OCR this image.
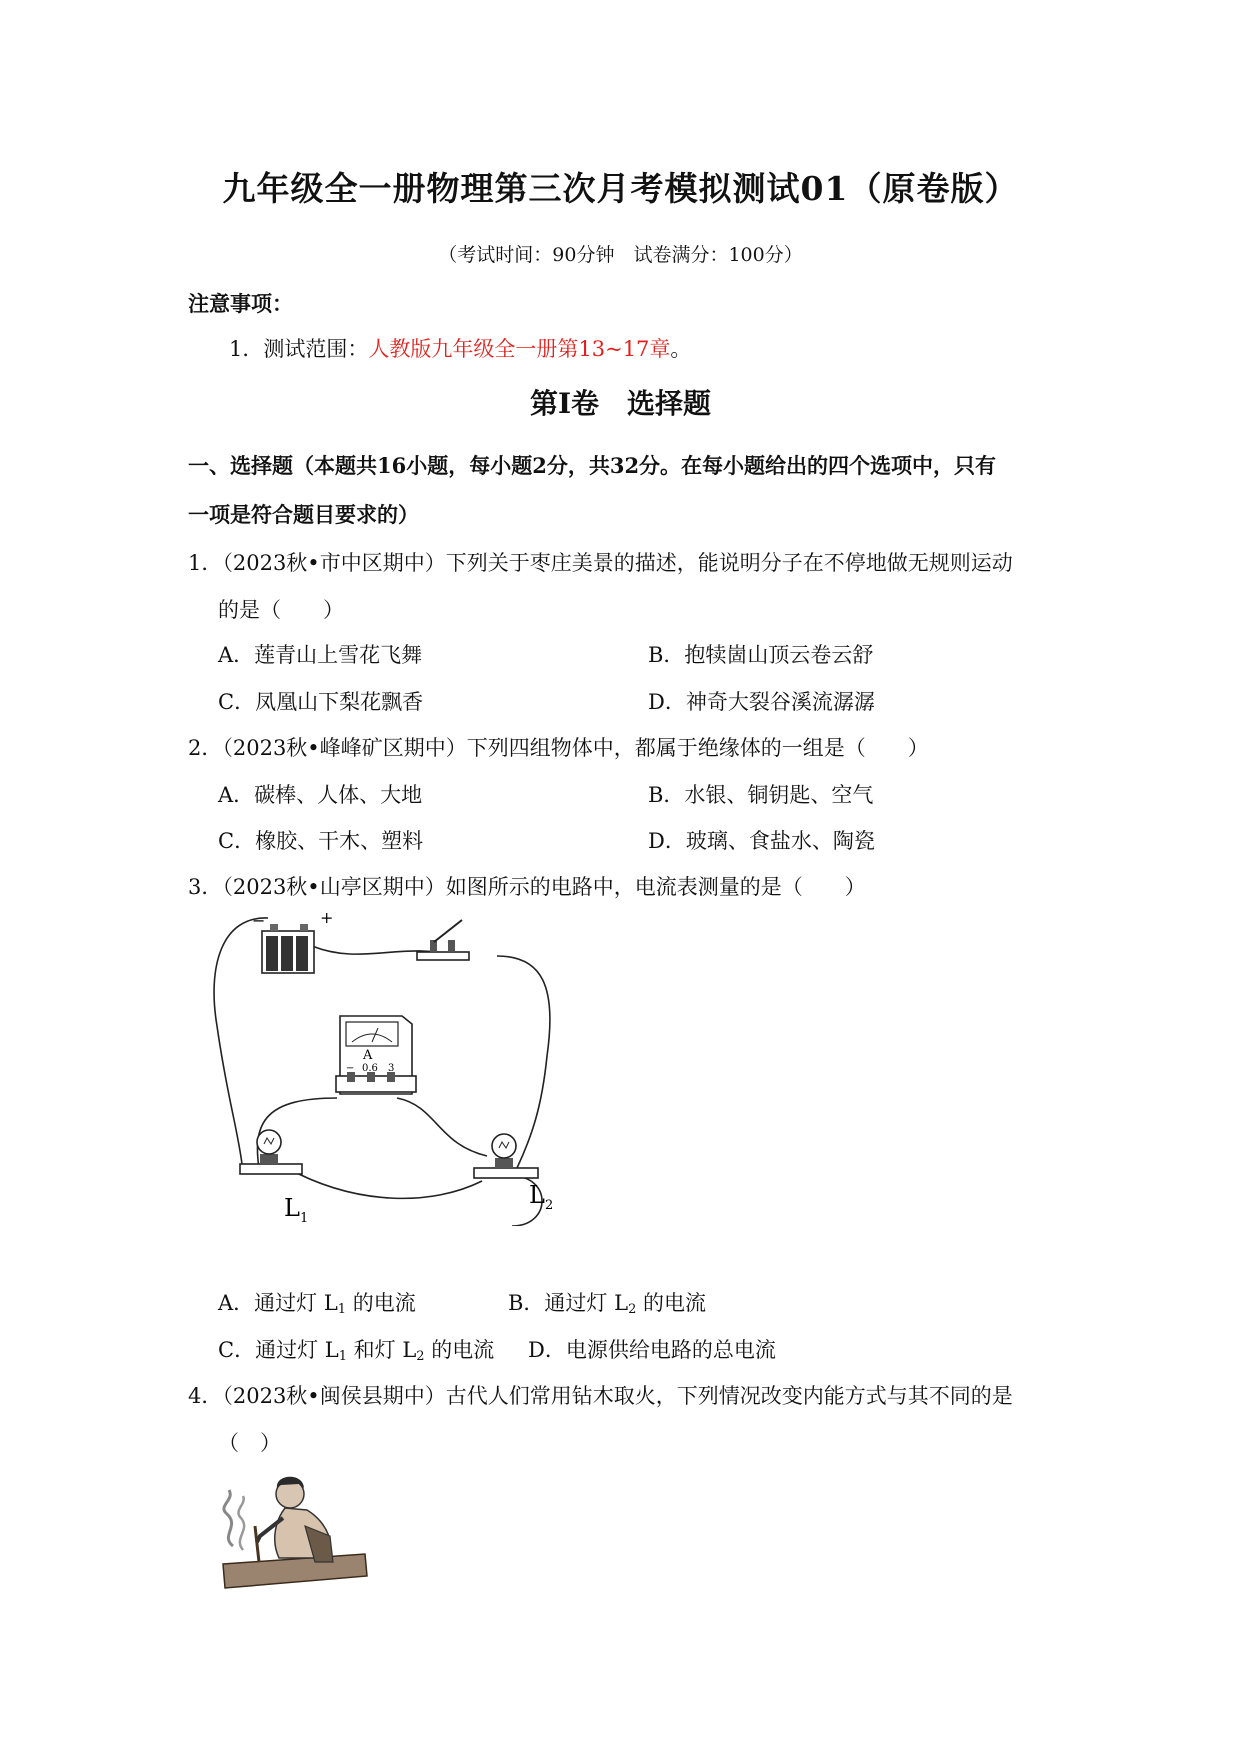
九年级全一册物理第三次月考模拟测试01（原卷版）
（考试时间：90分钟　试卷满分：100分）
注意事项：
1．测试范围：人教版九年级全一册第13~17章。
第Ⅰ卷　选择题
一、选择题（本题共16小题，每小题2分，共32分。在每小题给出的四个选项中，只有
一项是符合题目要求的）
1．（2023秋•市中区期中）下列关于枣庄美景的描述，能说明分子在不停地做无规则运动
的是（　　）
A．莲青山上雪花飞舞	B．抱犊崮山顶云卷云舒
C．凤凰山下梨花飘香	D．神奇大裂谷溪流潺潺
2．（2023秋•峰峰矿区期中）下列四组物体中，都属于绝缘体的一组是（　　）
A．碳棒、人体、大地	B．水银、铜钥匙、空气
C．橡胶、干木、塑料	D．玻璃、食盐水、陶瓷
3．（2023秋•山亭区期中）如图所示的电路中，电流表测量的是（　　）
−	+
A
− 0.6 3
$L_1$
$L_2$
A．通过灯 $L_1$ 的电流	B．通过灯 $L_2$ 的电流
C．通过灯 $L_1$ 和灯 $L_2$ 的电流 D．电源供给电路的总电流
4．（2023秋•闽侯县期中）古代人们常用钻木取火，下列情况改变内能方式与其不同的是
（　）
